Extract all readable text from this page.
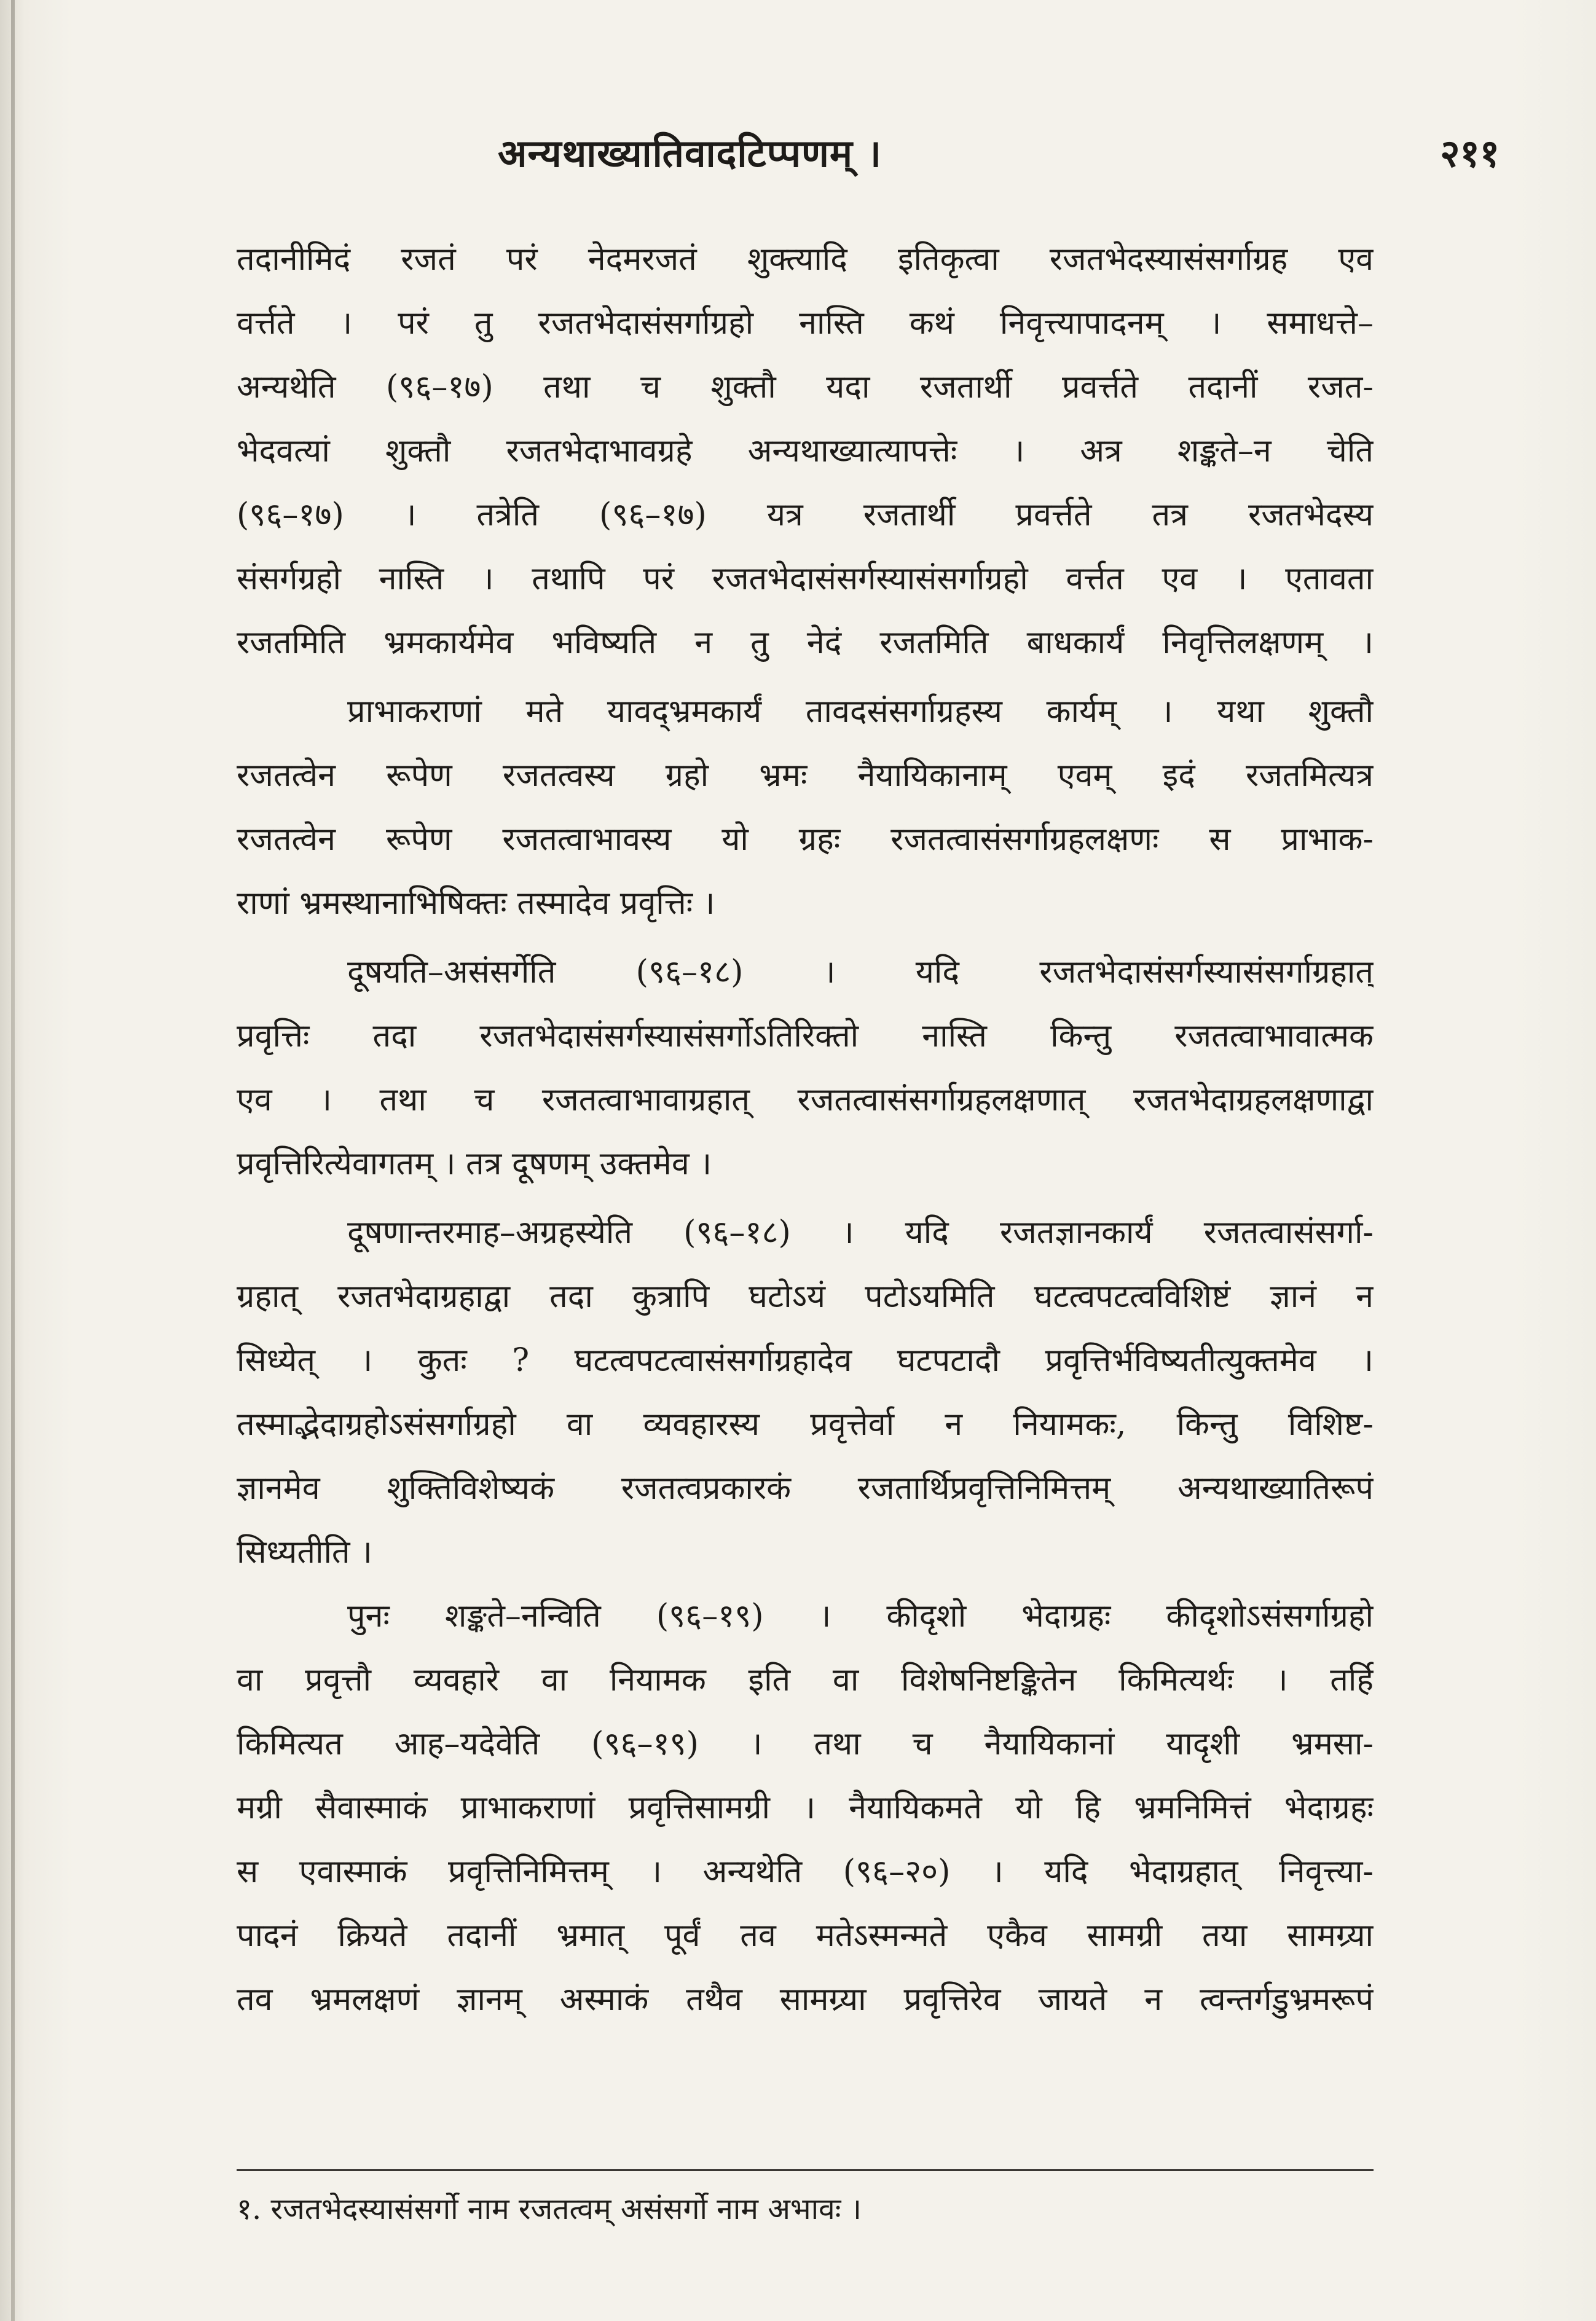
अन्यथाख्यातिवादटिप्पणम् ।	२११
तदानीमिदं रजतं परं नेदमरजतं शुक्त्यादि इतिकृत्वा रजतभेदस्यासंसर्गाग्रह एव
वर्त्तते । परं तु रजतभेदासंसर्गाग्रहो नास्ति कथं निवृत्त्यापादनम् । समाधत्ते–
अन्यथेति (९६–१७) तथा च शुक्तौ यदा रजतार्थी प्रवर्त्तते तदानीं रजत-
भेदवत्यां शुक्तौ रजतभेदाभावग्रहे अन्यथाख्यात्यापत्तेः । अत्र शङ्कते–न चेति
(९६–१७) । तत्रेति (९६–१७) यत्र रजतार्थी प्रवर्त्तते तत्र रजतभेदस्य
संसर्गग्रहो नास्ति । तथापि परं रजतभेदासंसर्गस्यासंसर्गाग्रहो वर्त्तत एव । एतावता
रजतमिति भ्रमकार्यमेव भविष्यति न तु नेदं रजतमिति बाधकार्यं निवृत्तिलक्षणम् ।
प्राभाकराणां मते यावद्भ्रमकार्यं तावदसंसर्गाग्रहस्य कार्यम् । यथा शुक्तौ
रजतत्वेन रूपेण रजतत्वस्य ग्रहो भ्रमः नैयायिकानाम् एवम् इदं रजतमित्यत्र
रजतत्वेन रूपेण रजतत्वाभावस्य यो ग्रहः रजतत्वासंसर्गाग्रहलक्षणः स प्राभाक-
राणां भ्रमस्थानाभिषिक्तः तस्मादेव प्रवृत्तिः ।
दूषयति–असंसर्गेति (९६–१८) । यदि रजतभेदासंसर्गस्यासंसर्गाग्रहात्
प्रवृत्तिः तदा रजतभेदासंसर्गस्यासंसर्गोऽतिरिक्तो नास्ति किन्तु रजतत्वाभावात्मक
एव । तथा च रजतत्वाभावाग्रहात् रजतत्वासंसर्गाग्रहलक्षणात् रजतभेदाग्रहलक्षणाद्वा
प्रवृत्तिरित्येवागतम् । तत्र दूषणम् उक्तमेव ।
दूषणान्तरमाह–अग्रहस्येति (९६–१८) । यदि रजतज्ञानकार्यं रजतत्वासंसर्गा-
ग्रहात् रजतभेदाग्रहाद्वा तदा कुत्रापि घटोऽयं पटोऽयमिति घटत्वपटत्वविशिष्टं ज्ञानं न
सिध्येत् । कुतः ? घटत्वपटत्वासंसर्गाग्रहादेव घटपटादौ प्रवृत्तिर्भविष्यतीत्युक्तमेव ।
तस्माद्भेदाग्रहोऽसंसर्गाग्रहो वा व्यवहारस्य प्रवृत्तेर्वा न नियामकः, किन्तु विशिष्ट-
ज्ञानमेव शुक्तिविशेष्यकं रजतत्वप्रकारकं रजतार्थिप्रवृत्तिनिमित्तम् अन्यथाख्यातिरूपं
सिध्यतीति ।
पुनः शङ्कते–नन्विति (९६–१९) । कीदृशो भेदाग्रहः कीदृशोऽसंसर्गाग्रहो
वा प्रवृत्तौ व्यवहारे वा नियामक इति वा विशेषनिष्टङ्कितेन किमित्यर्थः । तर्हि
किमित्यत आह–यदेवेति (९६–१९) । तथा च नैयायिकानां यादृशी भ्रमसा-
मग्री सैवास्माकं प्राभाकराणां प्रवृत्तिसामग्री । नैयायिकमते यो हि भ्रमनिमित्तं भेदाग्रहः
स एवास्माकं प्रवृत्तिनिमित्तम् । अन्यथेति (९६–२०) । यदि भेदाग्रहात् निवृत्त्या-
पादनं क्रियते तदानीं भ्रमात् पूर्वं तव मतेऽस्मन्मते एकैव सामग्री तया सामग्र्या
तव भ्रमलक्षणं ज्ञानम् अस्माकं तथैव सामग्र्या प्रवृत्तिरेव जायते न त्वन्तर्गडुभ्रमरूपं
१. रजतभेदस्यासंसर्गो नाम रजतत्वम् असंसर्गो नाम अभावः ।
